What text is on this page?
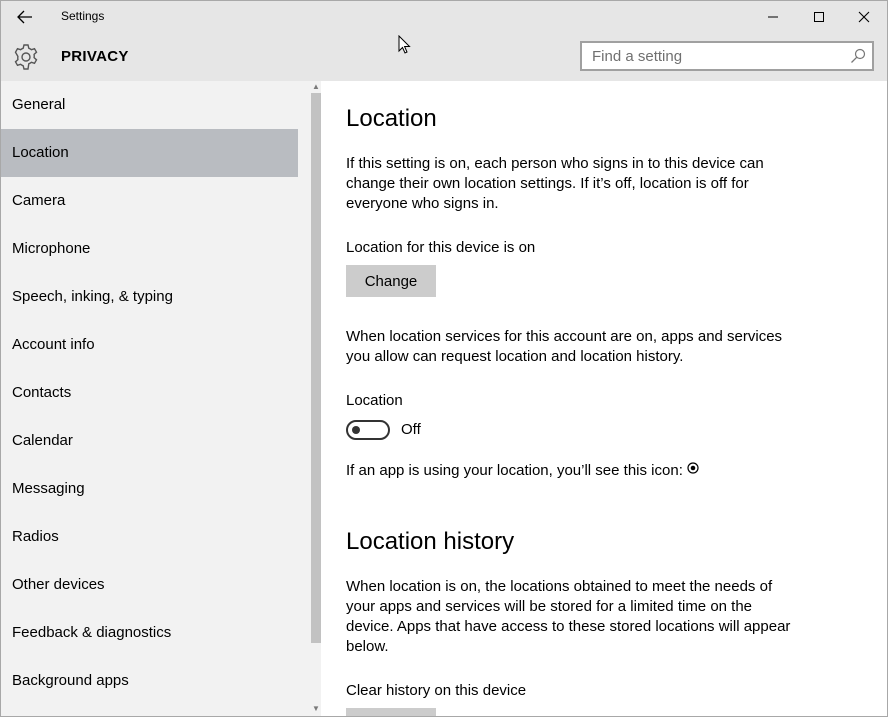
Settings
PRIVACY
Find a setting
General
Location
Camera
Microphone
Speech, inking, & typing
Account info
Contacts
Calendar
Messaging
Radios
Other devices
Feedback & diagnostics
Background apps
▲
▼
Location
If this setting is on, each person who signs in to this device can change their own location settings. If it’s off, location is off for everyone who signs in.
Location for this device is on
Change
When location services for this account are on, apps and services you allow can request location and location history.
Location
Off
If an app is using your location, you’ll see this icon:
Location history
When location is on, the locations obtained to meet the needs of your apps and services will be stored for a limited time on the device. Apps that have access to these stored locations will appear below.
Clear history on this device
